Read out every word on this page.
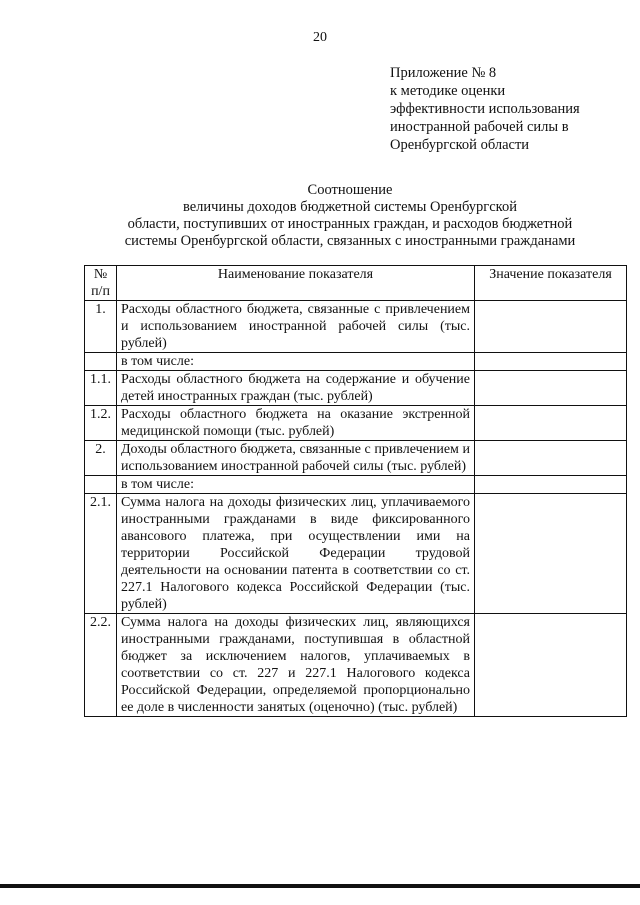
20
Приложение № 8
к методике оценки
эффективности использования
иностранной рабочей силы в
Оренбургской области
Соотношение
величины доходов бюджетной системы Оренбургской
области, поступивших от иностранных граждан, и расходов бюджетной
системы Оренбургской области, связанных с иностранными гражданами
№ п/п	Наименование показателя	Значение показателя
1.	Расходы областного бюджета, связанные с привлечением и использованием иностранной рабочей силы (тыс. рублей)	
	в том числе:	
1.1.	Расходы областного бюджета на содержание и обучение детей иностранных граждан (тыс. рублей)	
1.2.	Расходы областного бюджета на оказание экстренной медицинской помощи (тыс. рублей)	
2.	Доходы областного бюджета, связанные с привлечением и использованием иностранной рабочей силы (тыс. рублей)	
	в том числе:	
2.1.	Сумма налога на доходы физических лиц, уплачиваемого иностранными гражданами в виде фиксированного авансового платежа, при осуществлении ими на территории Российской Федерации трудовой деятельности на основании патента в соответствии со ст. 227.1 Налогового кодекса Российской Федерации (тыс. рублей)	
2.2.	Сумма налога на доходы физических лиц, являющихся иностранными гражданами, поступившая в областной бюджет за исключением налогов, уплачиваемых в соответствии со ст. 227 и 227.1 Налогового кодекса Российской Федерации, определяемой пропорционально ее доле в численности занятых (оценочно) (тыс. рублей)	
